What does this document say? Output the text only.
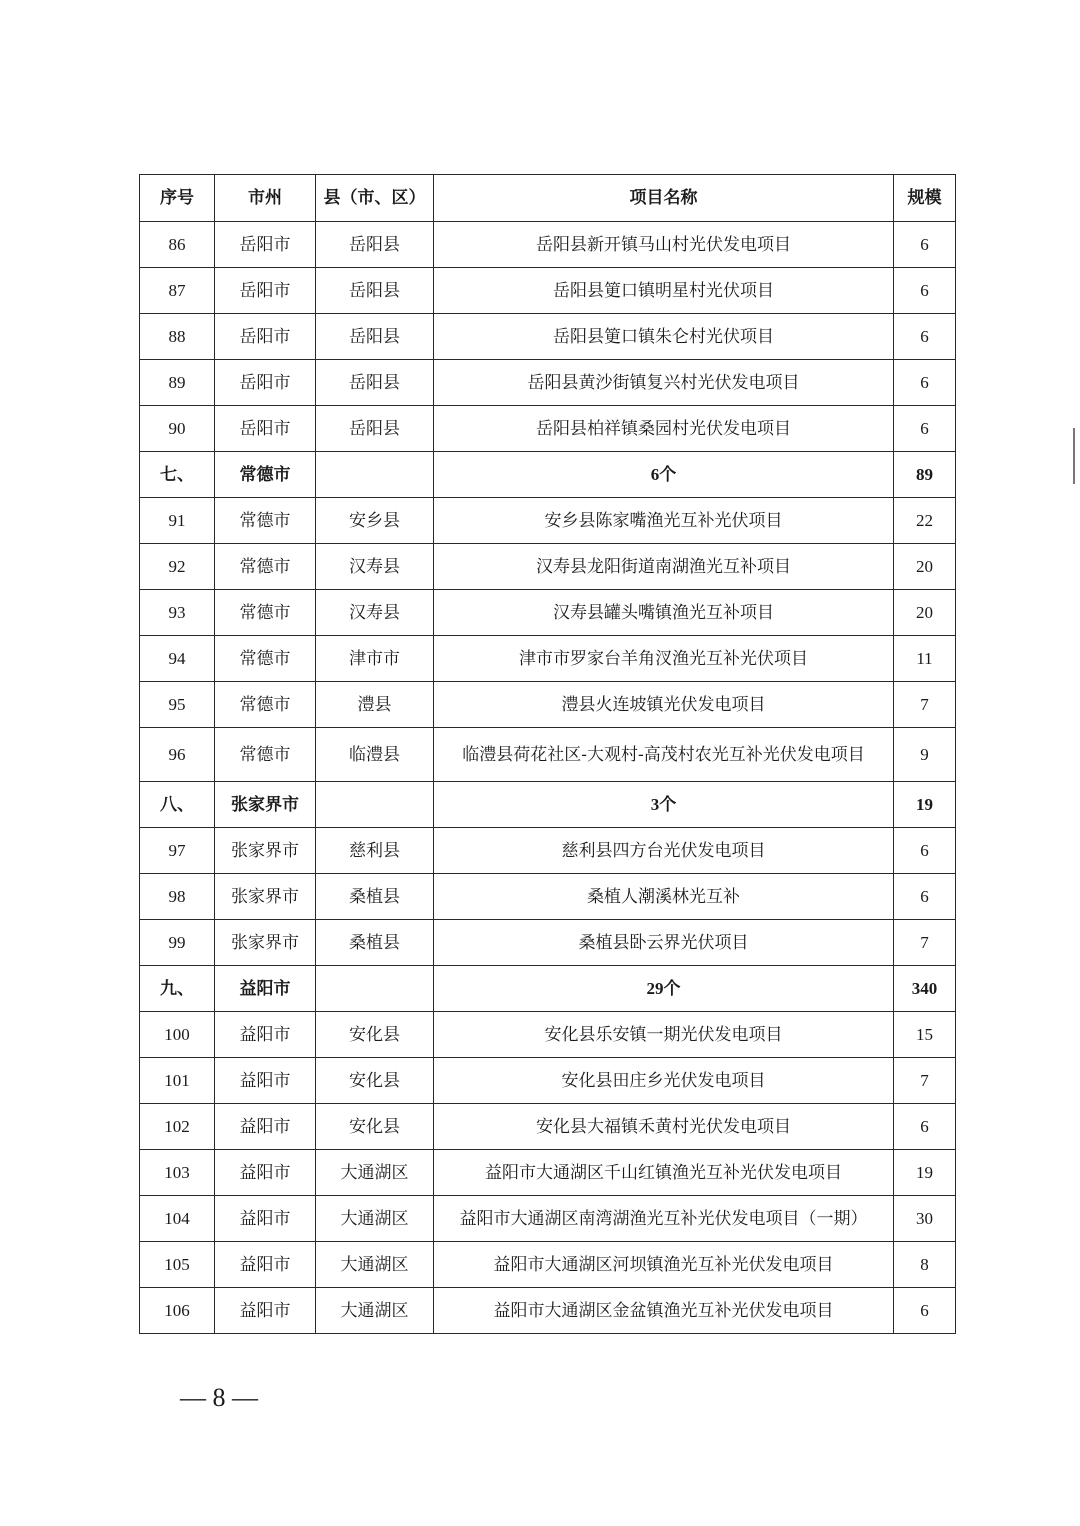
序号	市州	县（市、区）	项目名称	规模
86	岳阳市	岳阳县	岳阳县新开镇马山村光伏发电项目	6
87	岳阳市	岳阳县	岳阳县筻口镇明星村光伏项目	6
88	岳阳市	岳阳县	岳阳县筻口镇朱仑村光伏项目	6
89	岳阳市	岳阳县	岳阳县黄沙街镇复兴村光伏发电项目	6
90	岳阳市	岳阳县	岳阳县柏祥镇桑园村光伏发电项目	6
七、	常德市		6个	89
91	常德市	安乡县	安乡县陈家嘴渔光互补光伏项目	22
92	常德市	汉寿县	汉寿县龙阳街道南湖渔光互补项目	20
93	常德市	汉寿县	汉寿县罐头嘴镇渔光互补项目	20
94	常德市	津市市	津市市罗家台羊角汊渔光互补光伏项目	11
95	常德市	澧县	澧县火连坡镇光伏发电项目	7
96	常德市	临澧县	临澧县荷花社区-大观村-高茂村农光互补光伏发电项目	9
八、	张家界市		3个	19
97	张家界市	慈利县	慈利县四方台光伏发电项目	6
98	张家界市	桑植县	桑植人潮溪林光互补	6
99	张家界市	桑植县	桑植县卧云界光伏项目	7
九、	益阳市		29个	340
100	益阳市	安化县	安化县乐安镇一期光伏发电项目	15
101	益阳市	安化县	安化县田庄乡光伏发电项目	7
102	益阳市	安化县	安化县大福镇禾黄村光伏发电项目	6
103	益阳市	大通湖区	益阳市大通湖区千山红镇渔光互补光伏发电项目	19
104	益阳市	大通湖区	益阳市大通湖区南湾湖渔光互补光伏发电项目（一期）	30
105	益阳市	大通湖区	益阳市大通湖区河坝镇渔光互补光伏发电项目	8
106	益阳市	大通湖区	益阳市大通湖区金盆镇渔光互补光伏发电项目	6
— 8 —
